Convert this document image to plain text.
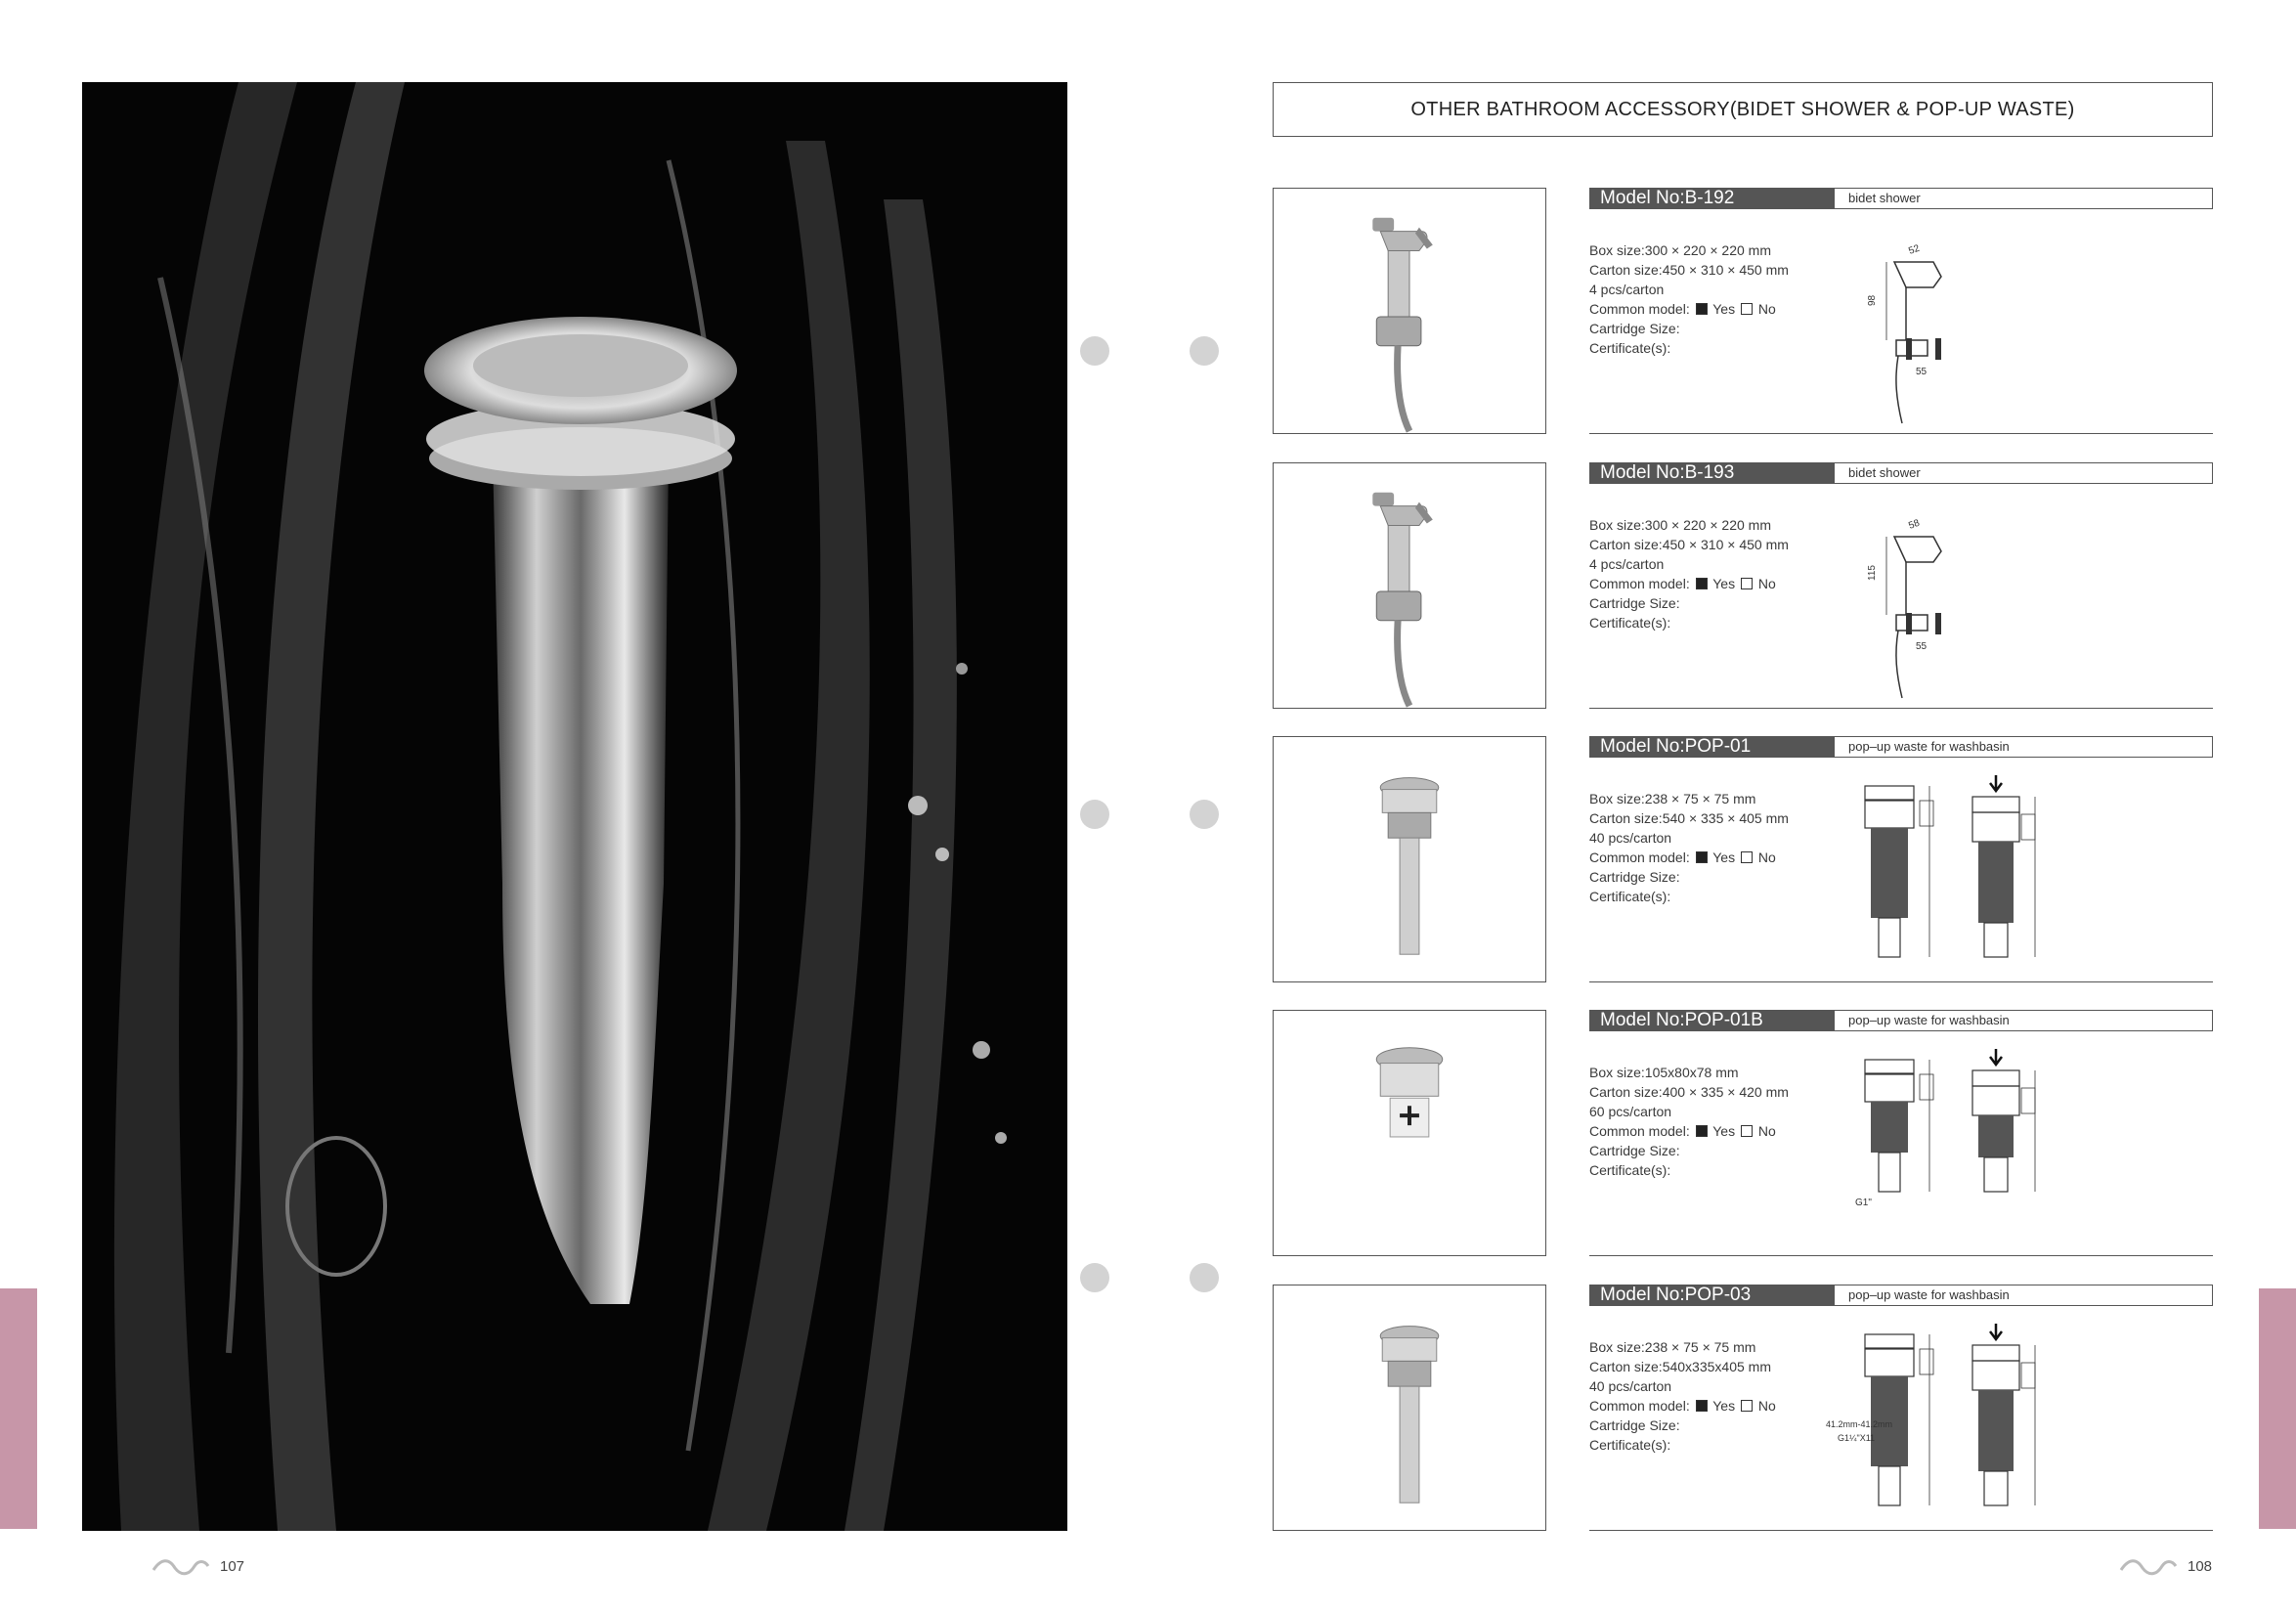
107	108
OTHER BATHROOM ACCESSORY(BIDET SHOWER & POP-UP WASTE)
Model No:B-192	bidet shower
Box size:300 × 220 × 220 mm
Carton size:450 × 310 × 450 mm
4 pcs/carton
Common model:  Yes  No
Cartridge Size:
Certificate(s):
52
98
55
Model No:B-193	bidet shower
Box size:300 × 220 × 220 mm
Carton size:450 × 310 × 450 mm
4 pcs/carton
Common model:  Yes  No
Cartridge Size:
Certificate(s):
58
115
55
Model No:POP-01	pop–up waste for washbasin
Box size:238 × 75 × 75 mm
Carton size:540 × 335 × 405 mm
40 pcs/carton
Common model:  Yes  No
Cartridge Size:
Certificate(s):
Model No:POP-01B	pop–up waste for washbasin
Box size:105x80x78 mm
Carton size:400 × 335 × 420 mm
60 pcs/carton
Common model:  Yes  No
Cartridge Size:
Certificate(s):
G1"
Model No:POP-03	pop–up waste for washbasin
Box size:238 × 75 × 75 mm
Carton size:540x335x405 mm
40 pcs/carton
Common model:  Yes  No
Cartridge Size:
Certificate(s):
41.2mm-41.2mm
G1¼"X11
